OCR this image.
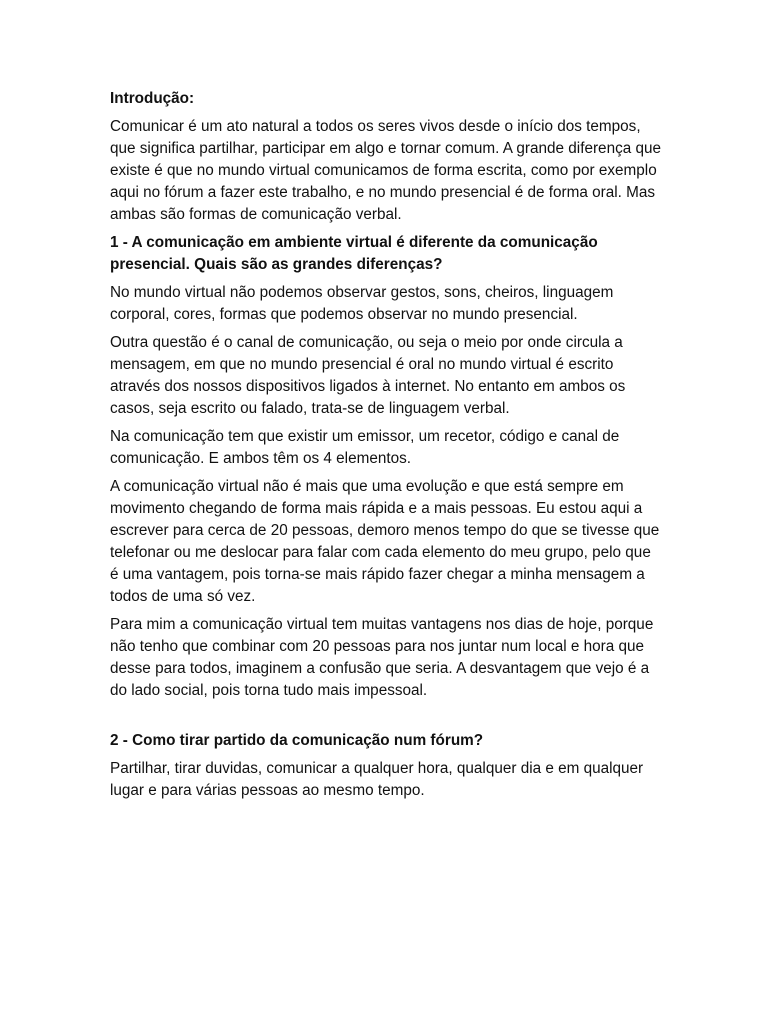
Introdução:

Comunicar é um ato natural a todos os seres vivos desde o início dos tempos, que significa partilhar, participar em algo e tornar comum. A grande diferença que existe é que no mundo virtual comunicamos de forma escrita, como por exemplo aqui no fórum a fazer este trabalho, e no mundo presencial é de forma oral. Mas ambas são formas de comunicação verbal.

1 - A comunicação em ambiente virtual é diferente da comunicação presencial. Quais são as grandes diferenças?

No mundo virtual não podemos observar gestos, sons, cheiros, linguagem corporal, cores, formas que podemos observar no mundo presencial.

Outra questão é o canal de comunicação, ou seja o meio por onde circula a mensagem, em que no mundo presencial é oral no mundo virtual é escrito através dos nossos dispositivos ligados à internet. No entanto em ambos os casos, seja escrito ou falado, trata-se de linguagem verbal.

Na comunicação tem que existir um emissor, um recetor, código e canal de comunicação. E ambos têm os 4 elementos.

A comunicação virtual não é mais que uma evolução e que está sempre em movimento chegando de forma mais rápida e a mais pessoas. Eu estou aqui a escrever para cerca de 20 pessoas, demoro menos tempo do que se tivesse que telefonar ou me deslocar para falar com cada elemento do meu grupo, pelo que é uma vantagem, pois torna-se mais rápido fazer chegar a minha mensagem a todos de uma só vez.

Para mim a comunicação virtual tem muitas vantagens nos dias de hoje, porque não tenho que combinar com 20 pessoas para nos juntar num local e hora que desse para todos, imaginem a confusão que seria. A desvantagem que vejo é a do lado social, pois torna tudo mais impessoal.

2 - Como tirar partido da comunicação num fórum?

Partilhar, tirar duvidas, comunicar a qualquer hora, qualquer dia e em qualquer lugar e para várias pessoas ao mesmo tempo.
